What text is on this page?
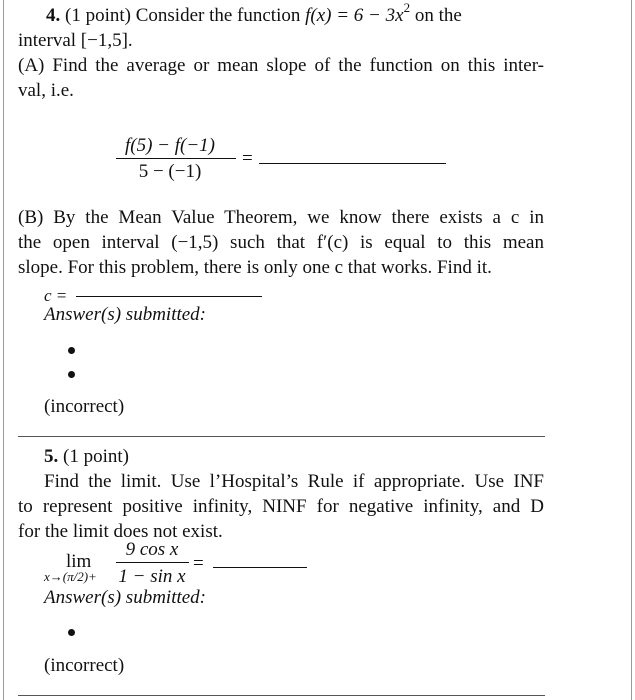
4. (1 point) Consider the function $f(x) = 6 - 3x^2$ on the
interval [−1,5].
(A) Find the average or mean slope of the function on this inter-
val, i.e.
f(5) − f(−1)
5 − (−1)
=
(B) By the Mean Value Theorem, we know there exists a c in
the open interval (−1,5) such that f′(c) is equal to this mean
slope. For this problem, there is only one c that works. Find it.
c =
Answer(s) submitted:
(incorrect)
5. (1 point)
Find the limit. Use l’Hospital’s Rule if appropriate. Use INF
to represent positive infinity, NINF for negative infinity, and D
for the limit does not exist.
9 cos x
1 − sin x
lim
x→(π/2)+
=
Answer(s) submitted:
(incorrect)
